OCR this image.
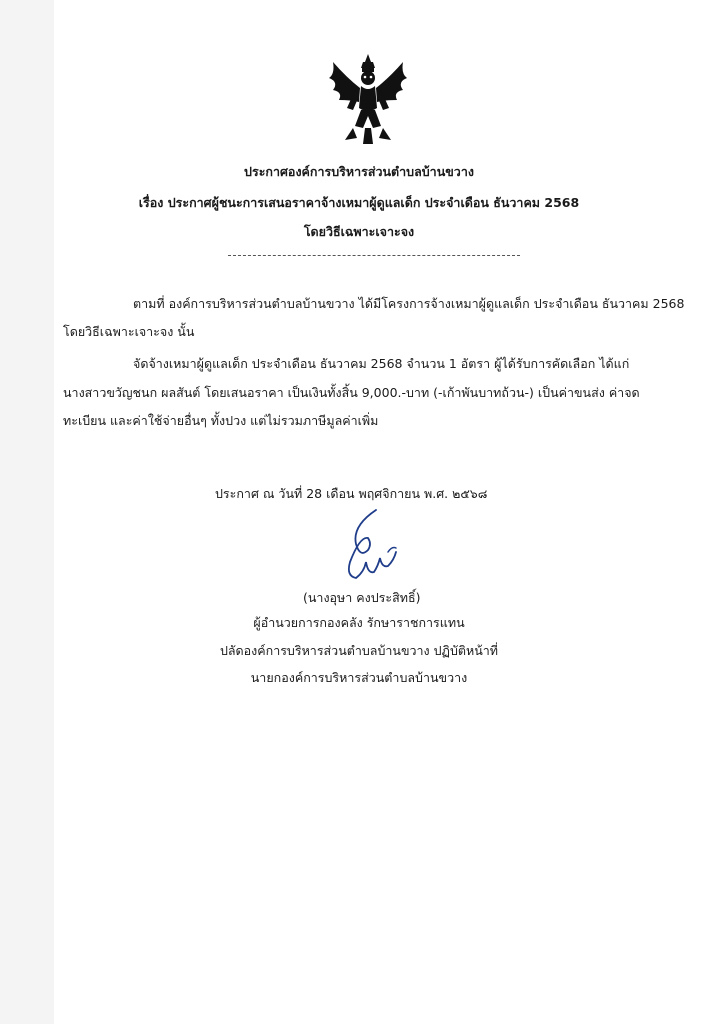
ประกาศองค์การบริหารส่วนตำบลบ้านขวาง
เรื่อง ประกาศผู้ชนะการเสนอราคาจ้างเหมาผู้ดูแลเด็ก ประจำเดือน ธันวาคม 2568
โดยวิธีเฉพาะเจาะจง
ตามที่ องค์การบริหารส่วนตำบลบ้านขวาง ได้มีโครงการจ้างเหมาผู้ดูแลเด็ก ประจำเดือน ธันวาคม 2568
โดยวิธีเฉพาะเจาะจง นั้น
จัดจ้างเหมาผู้ดูแลเด็ก ประจำเดือน ธันวาคม 2568 จำนวน 1 อัตรา ผู้ได้รับการคัดเลือก ได้แก่
นางสาวขวัญชนก ผลสันต์ โดยเสนอราคา เป็นเงินทั้งสิ้น 9,000.-บาท (-เก้าพันบาทถ้วน-) เป็นค่าขนส่ง ค่าจด
ทะเบียน และค่าใช้จ่ายอื่นๆ ทั้งปวง แต่ไม่รวมภาษีมูลค่าเพิ่ม
ประกาศ ณ วันที่ 28 เดือน พฤศจิกายน พ.ศ. ๒๕๖๘
(นางอุษา คงประสิทธิ์)
ผู้อำนวยการกองคลัง รักษาราชการแทน
ปลัดองค์การบริหารส่วนตำบลบ้านขวาง ปฏิบัติหน้าที่
นายกองค์การบริหารส่วนตำบลบ้านขวาง
